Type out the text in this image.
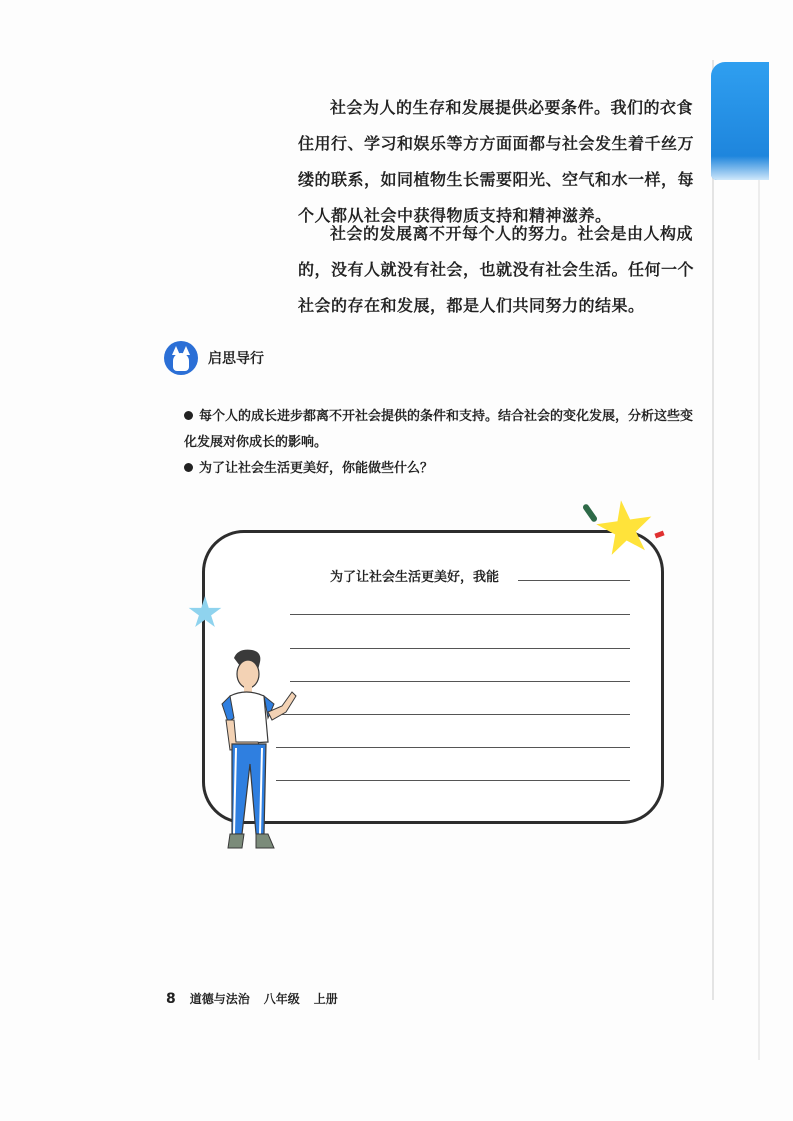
社会为人的生存和发展提供必要条件。我们的衣食住用行、学习和娱乐等方方面面都与社会发生着千丝万缕的联系，如同植物生长需要阳光、空气和水一样，每个人都从社会中获得物质支持和精神滋养。

社会的发展离不开每个人的努力。社会是由人构成的，没有人就没有社会，也就没有社会生活。任何一个社会的存在和发展，都是人们共同努力的结果。

启思导行
每个人的成长进步都离不开社会提供的条件和支持。结合社会的变化发展，分析这些变化发展对你成长的影响。
为了让社会生活更美好，你能做些什么？
为了让社会生活更美好，我能
8 道德与法治 八年级 上册
